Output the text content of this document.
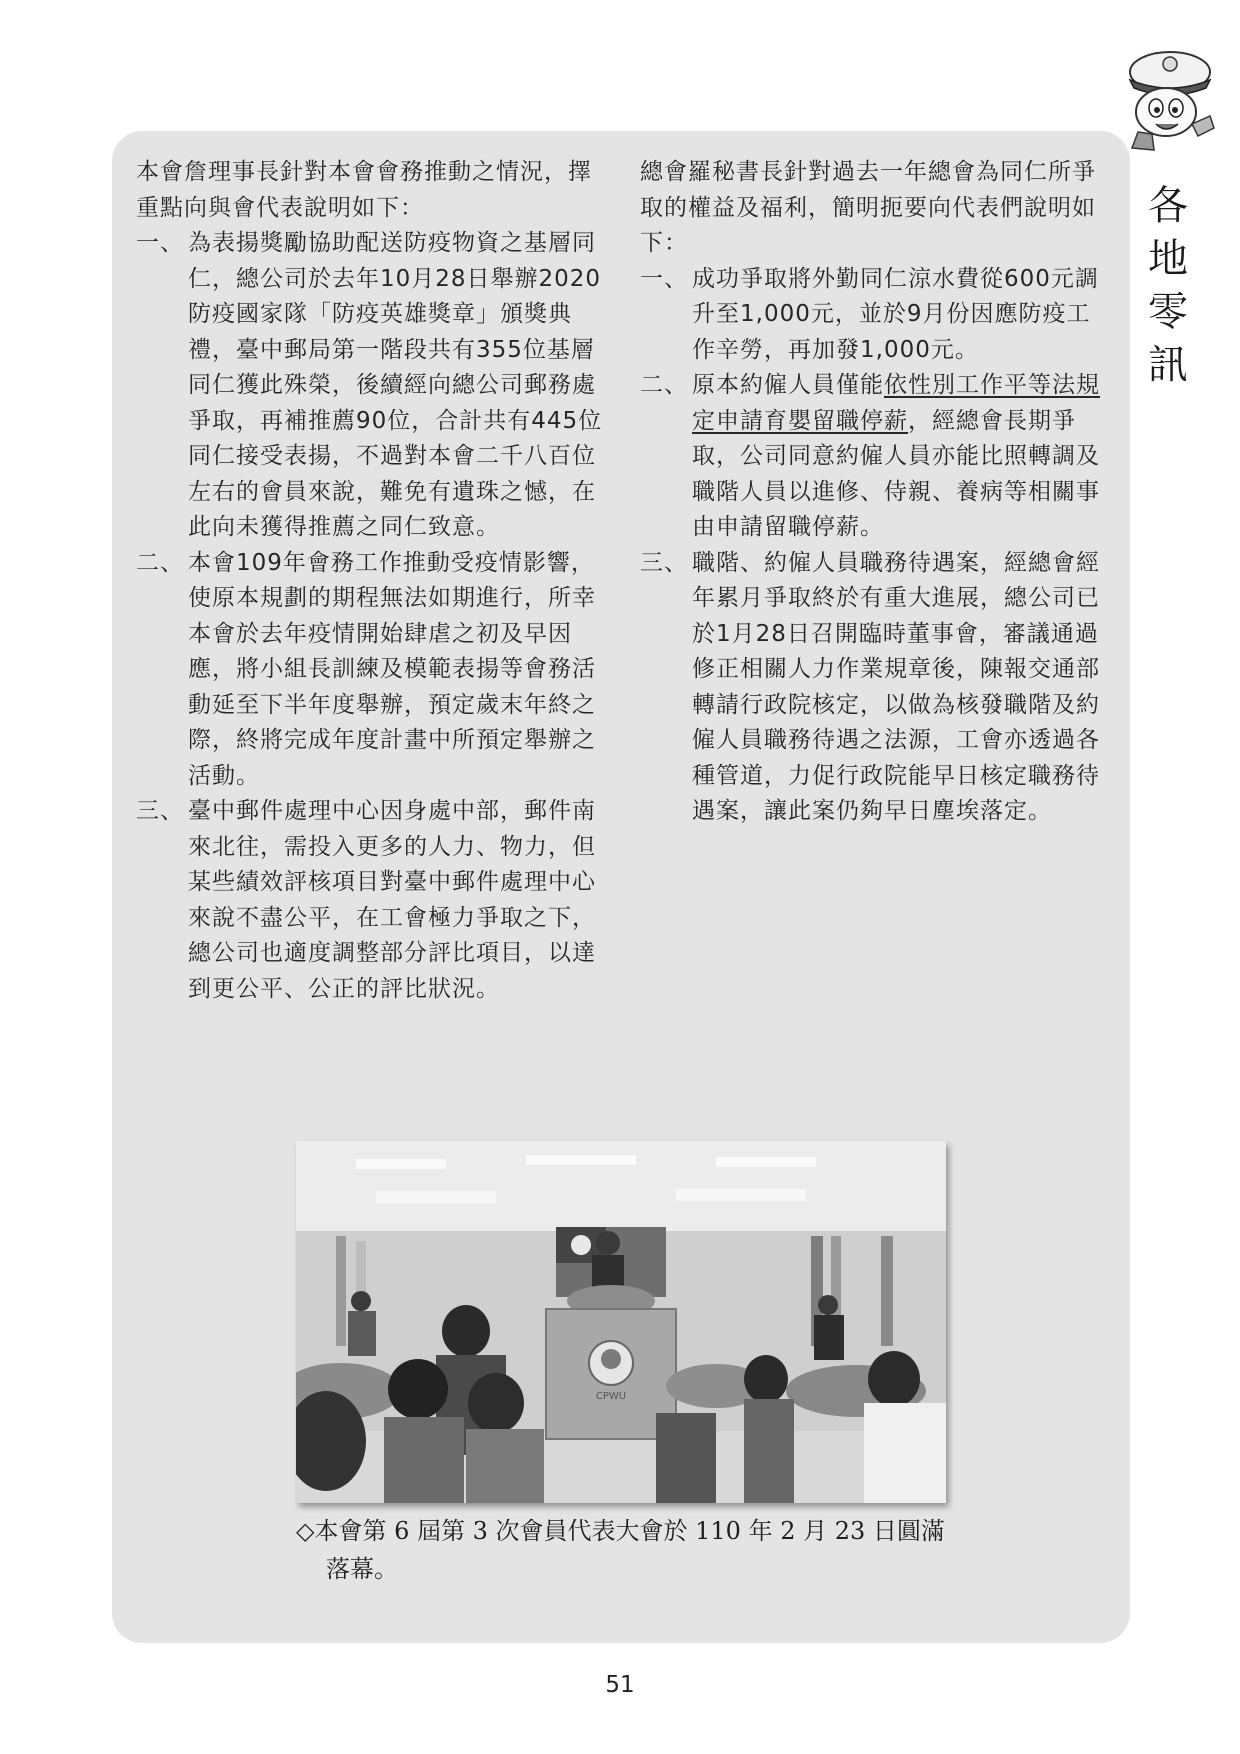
各
地
零
訊

本會詹理事長針對本會會務推動之情況，擇重點向與會代表說明如下：

一、 為表揚獎勵協助配送防疫物資之基層同仁，總公司於去年10月28日舉辦2020防疫國家隊「防疫英雄獎章」頒獎典禮，臺中郵局第一階段共有355位基層同仁獲此殊榮，後續經向總公司郵務處爭取，再補推薦90位，合計共有445位同仁接受表揚，不過對本會二千八百位左右的會員來說，難免有遺珠之憾，在此向未獲得推薦之同仁致意。
二、 本會109年會務工作推動受疫情影響，使原本規劃的期程無法如期進行，所幸本會於去年疫情開始肆虐之初及早因應，將小組長訓練及模範表揚等會務活動延至下半年度舉辦，預定歲末年終之際，終將完成年度計畫中所預定舉辦之活動。
三、 臺中郵件處理中心因身處中部，郵件南來北往，需投入更多的人力、物力，但某些績效評核項目對臺中郵件處理中心來說不盡公平，在工會極力爭取之下，總公司也適度調整部分評比項目，以達到更公平、公正的評比狀況。

總會羅秘書長針對過去一年總會為同仁所爭取的權益及福利，簡明扼要向代表們說明如下：

一、 成功爭取將外勤同仁涼水費從600元調升至1,000元，並於9月份因應防疫工作辛勞，再加發1,000元。
二、 原本約僱人員僅能依性別工作平等法規定申請育嬰留職停薪，經總會長期爭取，公司同意約僱人員亦能比照轉調及職階人員以進修、侍親、養病等相關事由申請留職停薪。
三、 職階、約僱人員職務待遇案，經總會經年累月爭取終於有重大進展，總公司已於1月28日召開臨時董事會，審議通過修正相關人力作業規章後，陳報交通部轉請行政院核定，以做為核發職階及約僱人員職務待遇之法源，工會亦透過各種管道，力促行政院能早日核定職務待遇案，讓此案仍夠早日塵埃落定。
CPWU
◇本會第 6 屆第 3 次會員代表大會於 110 年 2 月 23 日圓滿
落幕。
51
